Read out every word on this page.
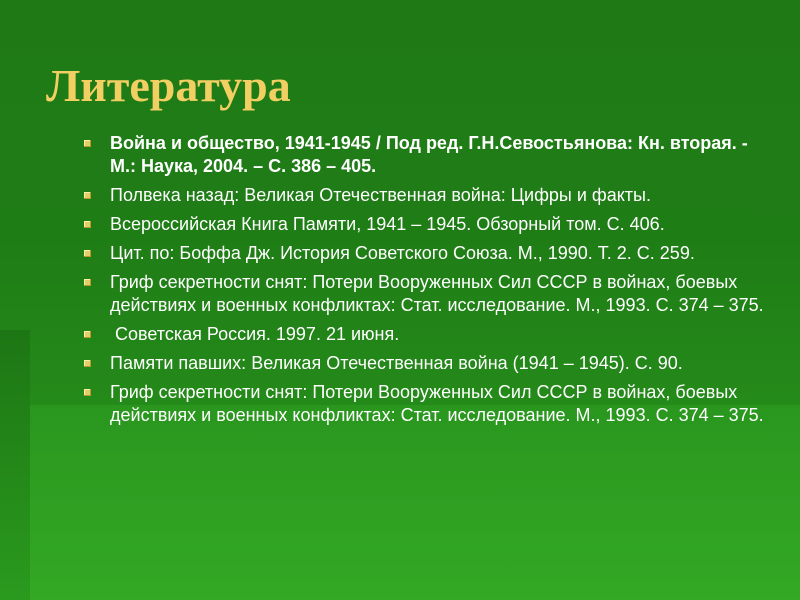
Литература
Война и общество, 1941-1945 / Под ред. Г.Н.Севостьянова: Кн. вторая. - М.: Наука, 2004. – С. 386 – 405.
Полвека назад: Великая Отечественная война: Цифры и факты.
Всероссийская Книга Памяти, 1941 – 1945. Обзорный том. С. 406.
Цит. по: Боффа Дж. История Советского Союза. М., 1990. Т. 2. С. 259.
Гриф секретности снят: Потери Вооруженных Сил СССР в войнах, боевых действиях и военных конфликтах: Стат. исследование. М., 1993. С. 374 – 375.
Советская Россия. 1997. 21 июня.
Памяти павших: Великая Отечественная война (1941 – 1945). С. 90.
Гриф секретности снят: Потери Вооруженных Сил СССР в войнах, боевых действиях и военных конфликтах: Стат. исследование. М., 1993. С. 374 – 375.
